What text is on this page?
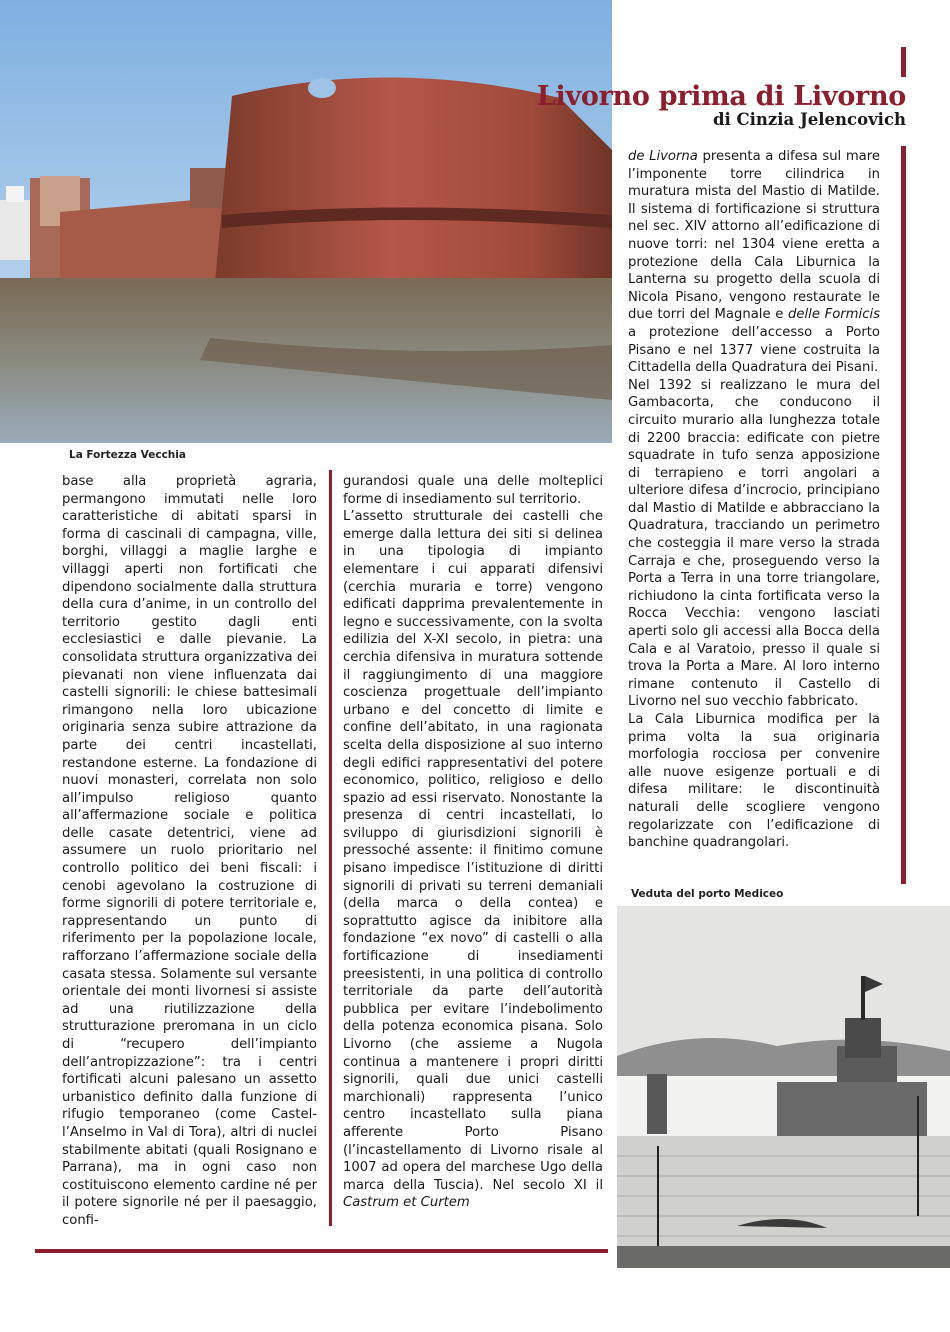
La Fortezza Vecchia
Livorno prima di Livorno
di Cinzia Jelencovich

base alla proprietà agraria, permangono immutati nelle loro caratteristiche di abitati sparsi in forma di cascinali di campagna, ville, borghi, villaggi a maglie larghe e villaggi aperti non fortificati che dipendono socialmente dalla struttura della cura d’anime, in un controllo del territorio gestito dagli enti ecclesiastici e dalle pievanie. La consolidata struttura organizzativa dei pievanati non viene influenzata dai castelli signorili: le chiese battesimali rimangono nella loro ubicazione originaria senza subire attrazione da parte dei centri incastellati, restandone esterne. La fondazione di nuovi monasteri, correlata non solo all’impulso religioso quanto all’affermazione sociale e politica delle casate detentrici, viene ad assumere un ruolo prioritario nel controllo politico dei beni fiscali: i cenobi agevolano la costruzione di forme signorili di potere territoriale e, rappresentando un punto di riferimento per la popolazione locale, rafforzano l’affermazione sociale della casata stessa. Solamente sul versante orientale dei monti livornesi si assiste ad una riutilizzazione della strutturazione preromana in un ciclo di “recupero dell’impianto dell’antropizzazione”: tra i centri fortificati alcuni palesano un assetto urbanistico definito dalla funzione di rifugio temporaneo (come Castel-l’Anselmo in Val di Tora), altri di nuclei stabilmente abitati (quali Rosignano e Parrana), ma in ogni caso non costituiscono elemento cardine né per il potere signorile né per il paesaggio, confi-

gurandosi quale una delle molteplici forme di insediamento sul territorio.

L’assetto strutturale dei castelli che emerge dalla lettura dei siti si delinea in una tipologia di impianto elementare i cui apparati difensivi (cerchia muraria e torre) vengono edificati dapprima prevalentemente in legno e successivamente, con la svolta edilizia del X-XI secolo, in pietra: una cerchia difensiva in muratura sottende il raggiungimento di una maggiore coscienza progettuale dell’impianto urbano e del concetto di limite e confine dell’abitato, in una ragionata scelta della disposizione al suo interno degli edifici rappresentativi del potere economico, politico, religioso e dello spazio ad essi riservato. Nonostante la presenza di centri incastellati, lo sviluppo di giurisdizioni signorili è pressoché assente: il finitimo comune pisano impedisce l’istituzione di diritti signorili di privati su terreni demaniali (della marca o della contea) e soprattutto agisce da inibitore alla fondazione “ex novo” di castelli o alla fortificazione di insediamenti preesistenti, in una politica di controllo territoriale da parte dell’autorità pubblica per evitare l’indebolimento della potenza economica pisana. Solo Livorno (che assieme a Nugola continua a mantenere i propri diritti signorili, quali due unici castelli marchionali) rappresenta l’unico centro incastellato sulla piana afferente Porto Pisano (l’incastellamento di Livorno risale al 1007 ad opera del marchese Ugo della marca della Tuscia). Nel secolo XI il Castrum et Curtem

de Livorna presenta a difesa sul mare l’imponente torre cilindrica in muratura mista del Mastio di Matilde. Il sistema di fortificazione si struttura nel sec. XIV attorno all’edificazione di nuove torri: nel 1304 viene eretta a protezione della Cala Liburnica la Lanterna su progetto della scuola di Nicola Pisano, vengono restaurate le due torri del Magnale e delle Formicis a protezione dell’accesso a Porto Pisano e nel 1377 viene costruita la Cittadella della Quadratura dei Pisani.

Nel 1392 si realizzano le mura del Gambacorta, che conducono il circuito murario alla lunghezza totale di 2200 braccia: edificate con pietre squadrate in tufo senza apposizione di terrapieno e torri angolari a ulteriore difesa d’incrocio, principiano dal Mastio di Matilde e abbracciano la Quadratura, tracciando un perimetro che costeggia il mare verso la strada Carraja e che, proseguendo verso la Porta a Terra in una torre triangolare, richiudono la cinta fortificata verso la Rocca Vecchia: vengono lasciati aperti solo gli accessi alla Bocca della Cala e al Varatoio, presso il quale si trova la Porta a Mare. Al loro interno rimane contenuto il Castello di Livorno nel suo vecchio fabbricato.

La Cala Liburnica modifica per la prima volta la sua originaria morfologia rocciosa per convenire alle nuove esigenze portuali e di difesa militare: le discontinuità naturali delle scogliere vengono regolarizzate con l’edificazione di banchine quadrangolari.

Veduta del porto Mediceo
